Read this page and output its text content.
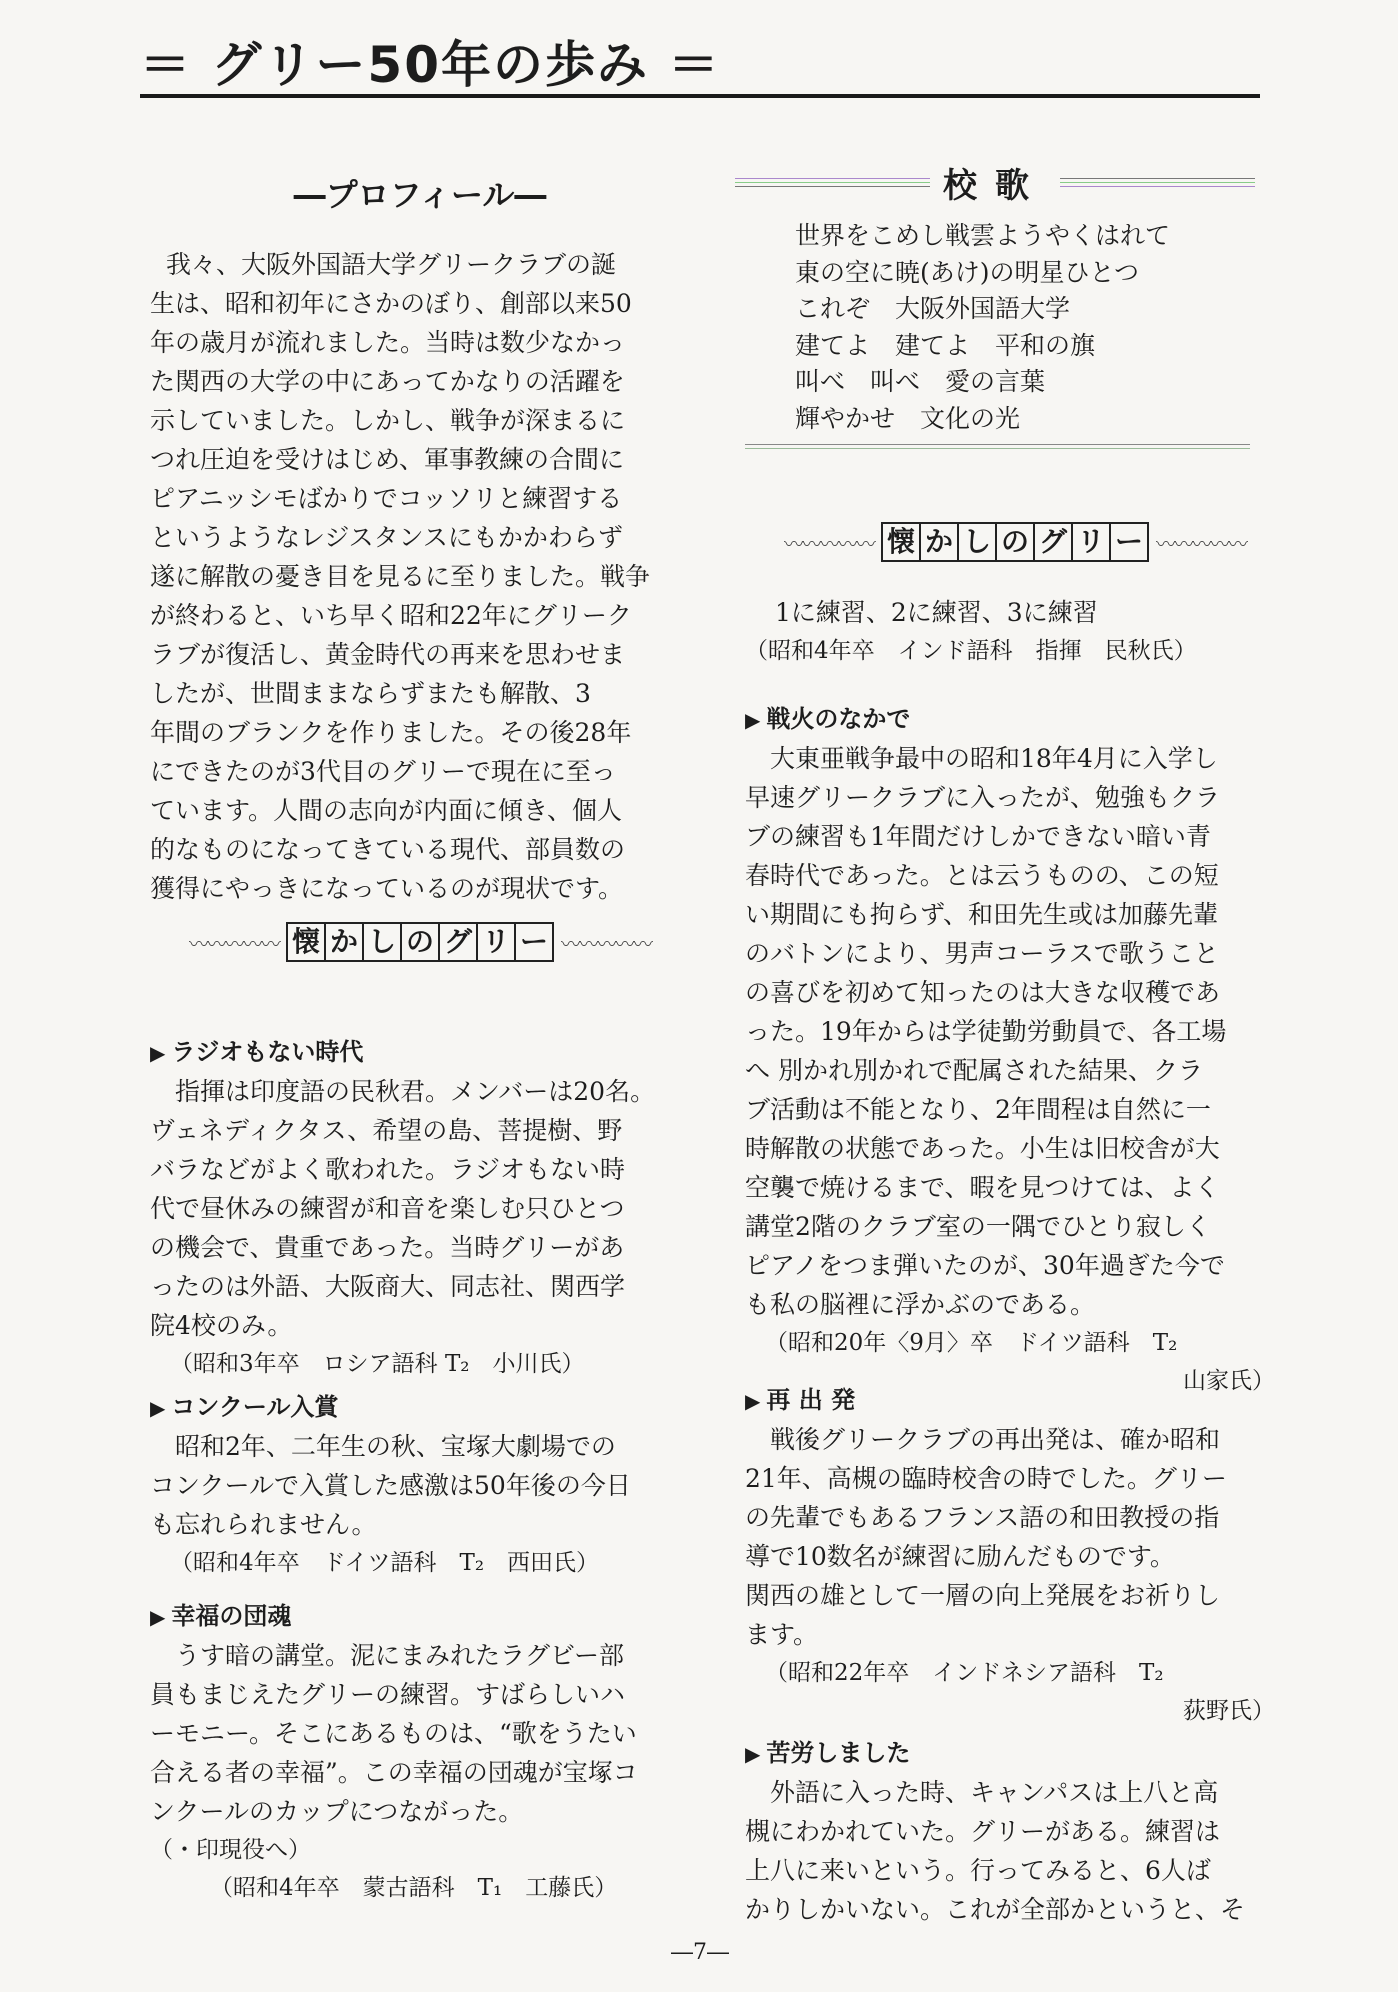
＝ グリー50年の歩み ＝
―プロフィール―
我々、大阪外国語大学グリークラブの誕
生は、昭和初年にさかのぼり、創部以来50
年の歳月が流れました。当時は数少なかっ
た関西の大学の中にあってかなりの活躍を
示していました。しかし、戦争が深まるに
つれ圧迫を受けはじめ、軍事教練の合間に
ピアニッシモばかりでコッソリと練習する
というようなレジスタンスにもかかわらず
遂に解散の憂き目を見るに至りました。戦争
が終わると、いち早く昭和22年にグリーク
ラブが復活し、黄金時代の再来を思わせま
したが、世間ままならずまたも解散、3
年間のブランクを作りました。その後28年
にできたのが3代目のグリーで現在に至っ
ています。人間の志向が内面に傾き、個人
的なものになってきている現代、部員数の
獲得にやっきになっているのが現状です。
〰〰〰〰〰 懐 か し の グ リ ー 〰〰〰〰〰
▶ ラジオもない時代
指揮は印度語の民秋君。メンバーは20名。
ヴェネディクタス、希望の島、菩提樹、野
バラなどがよく歌われた。ラジオもない時
代で昼休みの練習が和音を楽しむ只ひとつ
の機会で、貴重であった。当時グリーがあ
ったのは外語、大阪商大、同志社、関西学
院4校のみ。
（昭和3年卒　ロシア語科 T₂　小川氏）
▶ コンクール入賞
昭和2年、二年生の秋、宝塚大劇場での
コンクールで入賞した感激は50年後の今日
も忘れられません。
（昭和4年卒　ドイツ語科　T₂　西田氏）
▶ 幸福の団魂
うす暗の講堂。泥にまみれたラグビー部
員もまじえたグリーの練習。すばらしいハ
ーモニー。そこにあるものは、“歌をうたい
合える者の幸福”。この幸福の団魂が宝塚コ
ンクールのカップにつながった。
（・印現役へ）
（昭和4年卒　蒙古語科　T₁　工藤氏）
校歌
世界をこめし戦雲ようやくはれて
東の空に暁(あけ)の明星ひとつ
これぞ　大阪外国語大学
建てよ　建てよ　平和の旗
叫べ　叫べ　愛の言葉
輝やかせ　文化の光
〰〰〰〰〰 懐 か し の グ リ ー 〰〰〰〰〰
1に練習、2に練習、3に練習
（昭和4年卒　インド語科　指揮　民秋氏）
▶ 戦火のなかで
大東亜戦争最中の昭和18年4月に入学し
早速グリークラブに入ったが、勉強もクラ
ブの練習も1年間だけしかできない暗い青
春時代であった。とは云うものの、この短
い期間にも拘らず、和田先生或は加藤先輩
のバトンにより、男声コーラスで歌うこと
の喜びを初めて知ったのは大きな収穫であ
った。19年からは学徒勤労動員で、各工場
へ 別かれ別かれで配属された結果、クラ
ブ活動は不能となり、2年間程は自然に一
時解散の状態であった。小生は旧校舎が大
空襲で焼けるまで、暇を見つけては、よく
講堂2階のクラブ室の一隅でひとり寂しく
ピアノをつま弾いたのが、30年過ぎた今で
も私の脳裡に浮かぶのである。
（昭和20年〈9月〉卒　ドイツ語科　T₂
山家氏）
▶ 再 出 発
戦後グリークラブの再出発は、確か昭和
21年、高槻の臨時校舎の時でした。グリー
の先輩でもあるフランス語の和田教授の指
導で10数名が練習に励んだものです。
関西の雄として一層の向上発展をお祈りし
ます。
（昭和22年卒　インドネシア語科　T₂
荻野氏）
▶ 苦労しました
外語に入った時、キャンパスは上八と高
槻にわかれていた。グリーがある。練習は
上八に来いという。行ってみると、6人ば
かりしかいない。これが全部かというと、そ
―7―
